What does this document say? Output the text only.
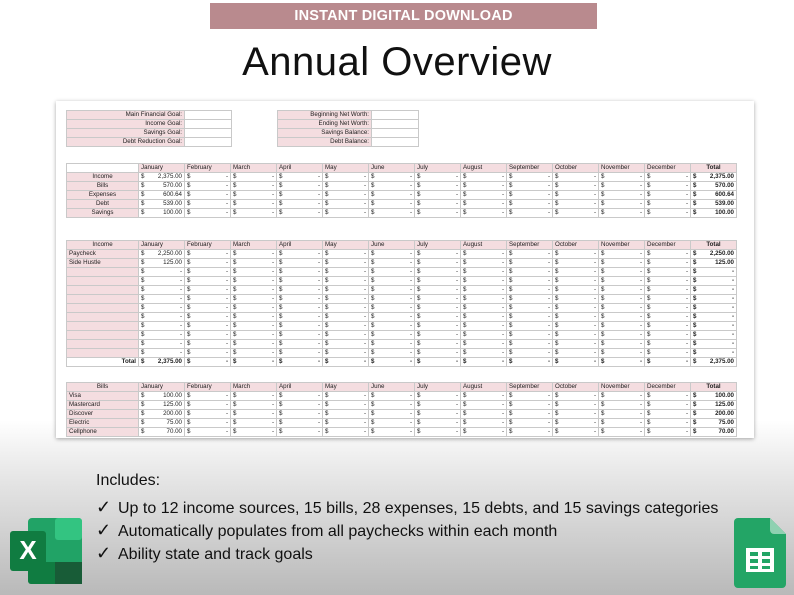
INSTANT DIGITAL DOWNLOAD
Annual Overview
Main Financial Goal:	
Income Goal:	
Savings Goal:	
Debt Reduction Goal:	
Beginning Net Worth:	
Ending Net Worth:	
Savings Balance:	
Debt Balance:	
	January	February	March	April	May	June	July	August	September	October	November	December	Total
Income	$ 2,375.00	$ -	$ -	$ -	$ -	$ -	$ -	$ -	$ -	$ -	$ -	$ -	$ 2,375.00

Bills	$ 570.00	$ -	$ -	$ -	$ -	$ -	$ -	$ -	$ -	$ -	$ -	$ -	$ 570.00

Expenses	$ 600.64	$ -	$ -	$ -	$ -	$ -	$ -	$ -	$ -	$ -	$ -	$ -	$ 600.64

Debt	$ 539.00	$ -	$ -	$ -	$ -	$ -	$ -	$ -	$ -	$ -	$ -	$ -	$ 539.00

Savings	$ 100.00	$ -	$ -	$ -	$ -	$ -	$ -	$ -	$ -	$ -	$ -	$ -	$ 100.00
Income	January	February	March	April	May	June	July	August	September	October	November	December	Total
Paycheck	$ 2,250.00	$ -	$ -	$ -	$ -	$ -	$ -	$ -	$ -	$ -	$ -	$ -	$ 2,250.00

Side Hustle	$ 125.00	$ -	$ -	$ -	$ -	$ -	$ -	$ -	$ -	$ -	$ -	$ -	$ 125.00

	$ -	$ -	$ -	$ -	$ -	$ -	$ -	$ -	$ -	$ -	$ -	$ -	$ -

	$ -	$ -	$ -	$ -	$ -	$ -	$ -	$ -	$ -	$ -	$ -	$ -	$ -

	$ -	$ -	$ -	$ -	$ -	$ -	$ -	$ -	$ -	$ -	$ -	$ -	$ -

	$ -	$ -	$ -	$ -	$ -	$ -	$ -	$ -	$ -	$ -	$ -	$ -	$ -

	$ -	$ -	$ -	$ -	$ -	$ -	$ -	$ -	$ -	$ -	$ -	$ -	$ -

	$ -	$ -	$ -	$ -	$ -	$ -	$ -	$ -	$ -	$ -	$ -	$ -	$ -

	$ -	$ -	$ -	$ -	$ -	$ -	$ -	$ -	$ -	$ -	$ -	$ -	$ -

	$ -	$ -	$ -	$ -	$ -	$ -	$ -	$ -	$ -	$ -	$ -	$ -	$ -

	$ -	$ -	$ -	$ -	$ -	$ -	$ -	$ -	$ -	$ -	$ -	$ -	$ -

	$ -	$ -	$ -	$ -	$ -	$ -	$ -	$ -	$ -	$ -	$ -	$ -	$ -

Total	$ 2,375.00	$ -	$ -	$ -	$ -	$ -	$ -	$ -	$ -	$ -	$ -	$ -	$ 2,375.00
Bills	January	February	March	April	May	June	July	August	September	October	November	December	Total
Visa	$ 100.00	$ -	$ -	$ -	$ -	$ -	$ -	$ -	$ -	$ -	$ -	$ -	$ 100.00

Mastercard	$ 125.00	$ -	$ -	$ -	$ -	$ -	$ -	$ -	$ -	$ -	$ -	$ -	$ 125.00

Discover	$ 200.00	$ -	$ -	$ -	$ -	$ -	$ -	$ -	$ -	$ -	$ -	$ -	$ 200.00

Electric	$ 75.00	$ -	$ -	$ -	$ -	$ -	$ -	$ -	$ -	$ -	$ -	$ -	$ 75.00

Cellphone	$ 70.00	$ -	$ -	$ -	$ -	$ -	$ -	$ -	$ -	$ -	$ -	$ -	$ 70.00
Includes:
✓ Up to 12 income sources, 15 bills, 28 expenses, 15 debts, and 15 savings categories
✓ Automatically populates from all paychecks within each month
✓ Ability state and track goals
X
